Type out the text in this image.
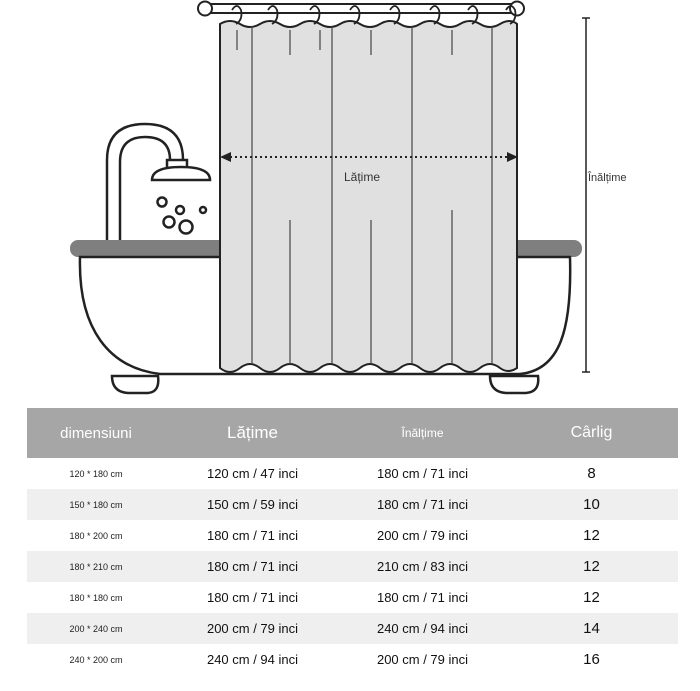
Lățime	Înălțime
dimensiuni	Lățime	Înălțime	Cârlig
120 * 180 cm	120 cm / 47 inci	180 cm / 71 inci	8
150 * 180 cm	150 cm / 59 inci	180 cm / 71 inci	10
180 * 200 cm	180 cm / 71 inci	200 cm / 79 inci	12
180 * 210 cm	180 cm / 71 inci	210 cm / 83 inci	12
180 * 180 cm	180 cm / 71 inci	180 cm / 71 inci	12
200 * 240 cm	200 cm / 79 inci	240 cm / 94 inci	14
240 * 200 cm	240 cm / 94 inci	200 cm / 79 inci	16
